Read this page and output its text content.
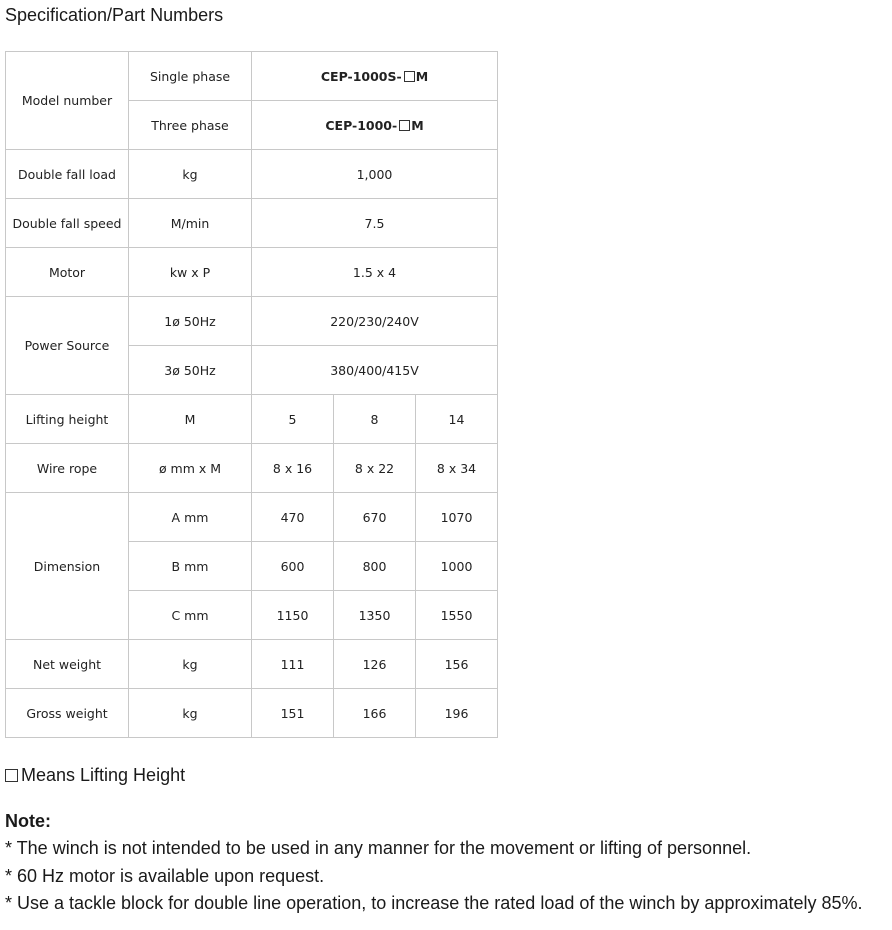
Specification/Part Numbers
Model number	Single phase	CEP-1000S- M		
	Three phase	CEP-1000- M		
Double fall load	kg	1,000		
Double fall speed	M/min	7.5		
Motor	kw x P	1.5 x 4		
Power Source	1ø 50Hz	220/230/240V		
	3ø 50Hz	380/400/415V		
Lifting height	M	5	8	14
Wire rope	ø mm x M	8 x 16	8 x 22	8 x 34
Dimension	A mm	470	670	1070
	B mm	600	800	1000
	C mm	1150	1350	1550
Net weight	kg	111	126	156
Gross weight	kg	151	166	196
Means Lifting Height
Note:
* The winch is not intended to be used in any manner for the movement or lifting of personnel.
* 60 Hz motor is available upon request.
* Use a tackle block for double line operation, to increase the rated load of the winch by approximately 85%.
